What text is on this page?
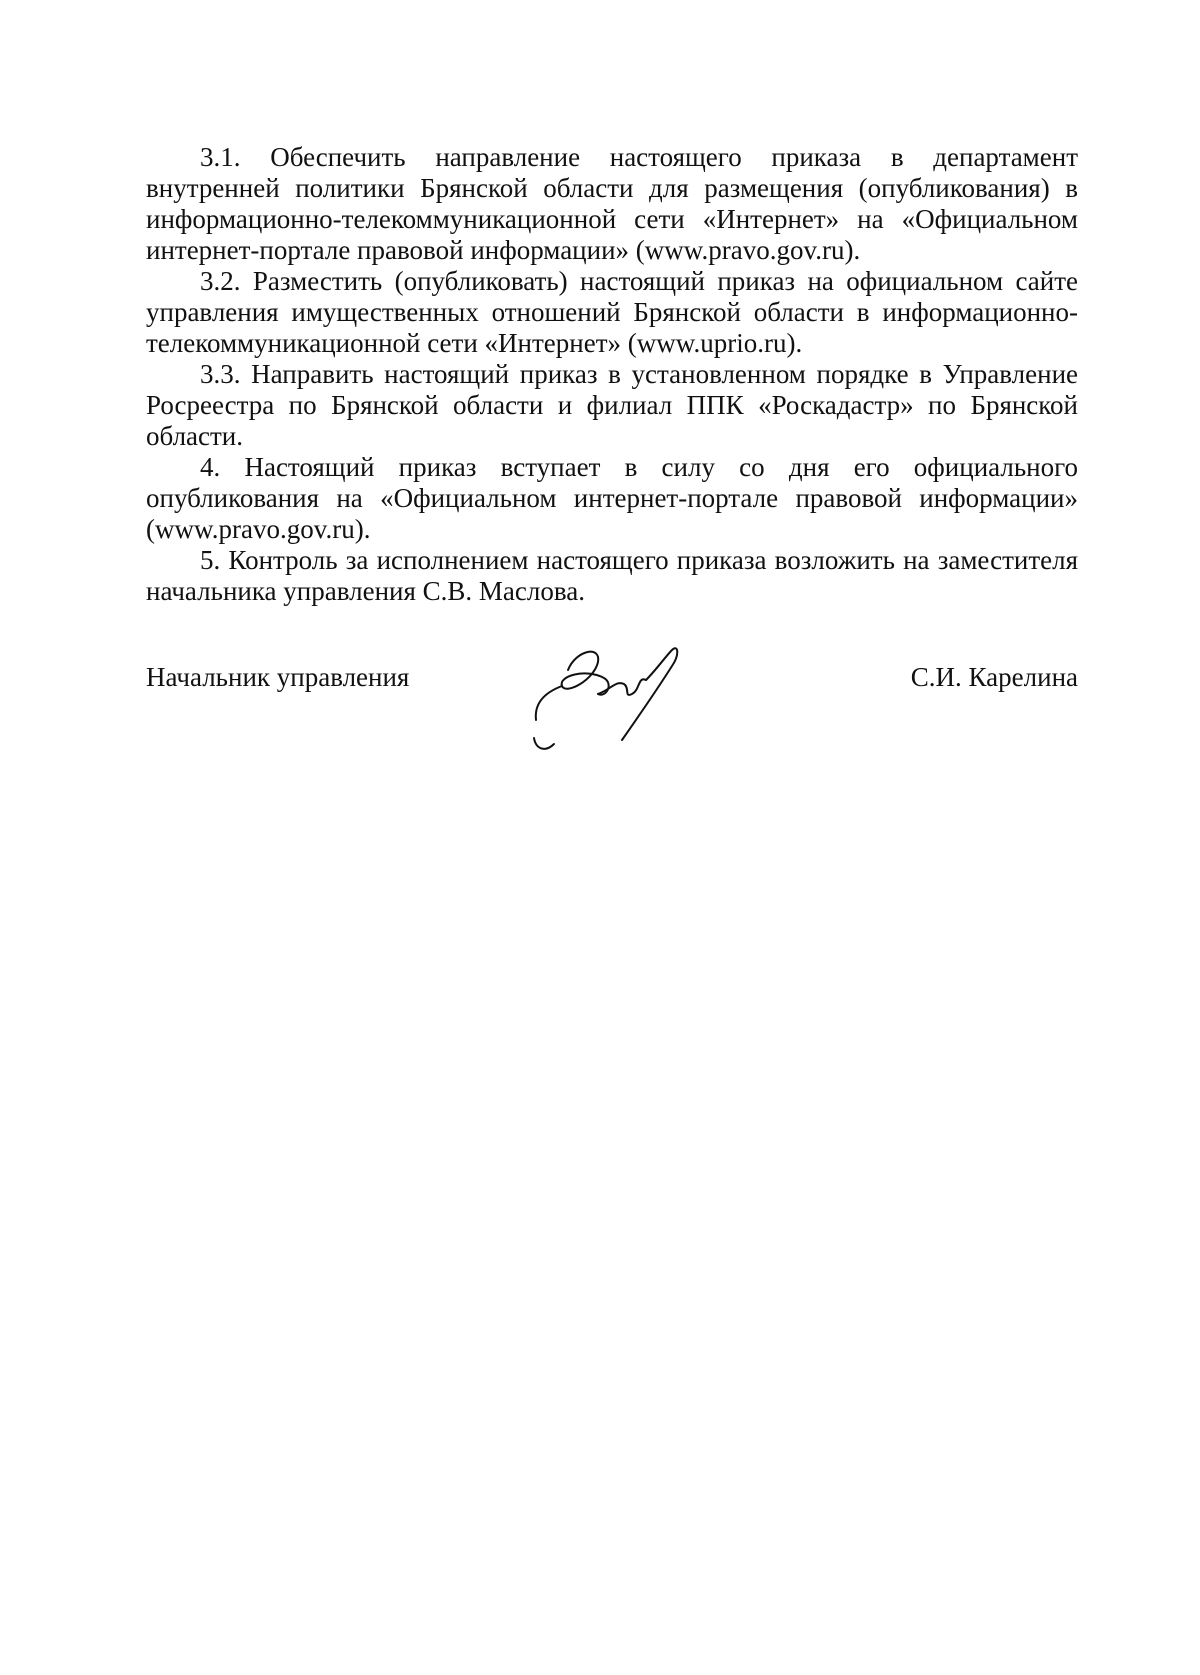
3.1. Обеспечить направление настоящего приказа в департамент внутренней политики Брянской области для размещения (опубликования) в информационно-телекоммуникационной сети «Интернет» на «Официальном интернет-портале правовой информации» (www.pravo.gov.ru).

3.2. Разместить (опубликовать) настоящий приказ на официальном сайте управления имущественных отношений Брянской области в информационно-телекоммуникационной сети «Интернет» (www.uprio.ru).

3.3. Направить настоящий приказ в установленном порядке в Управление Росреестра по Брянской области и филиал ППК «Роскадастр» по Брянской области.

4. Настоящий приказ вступает в силу со дня его официального опубликования на «Официальном интернет-портале правовой информации» (www.pravo.gov.ru).

5. Контроль за исполнением настоящего приказа возложить на заместителя начальника управления С.В. Маслова.

Начальник управления	С.И. Карелина
